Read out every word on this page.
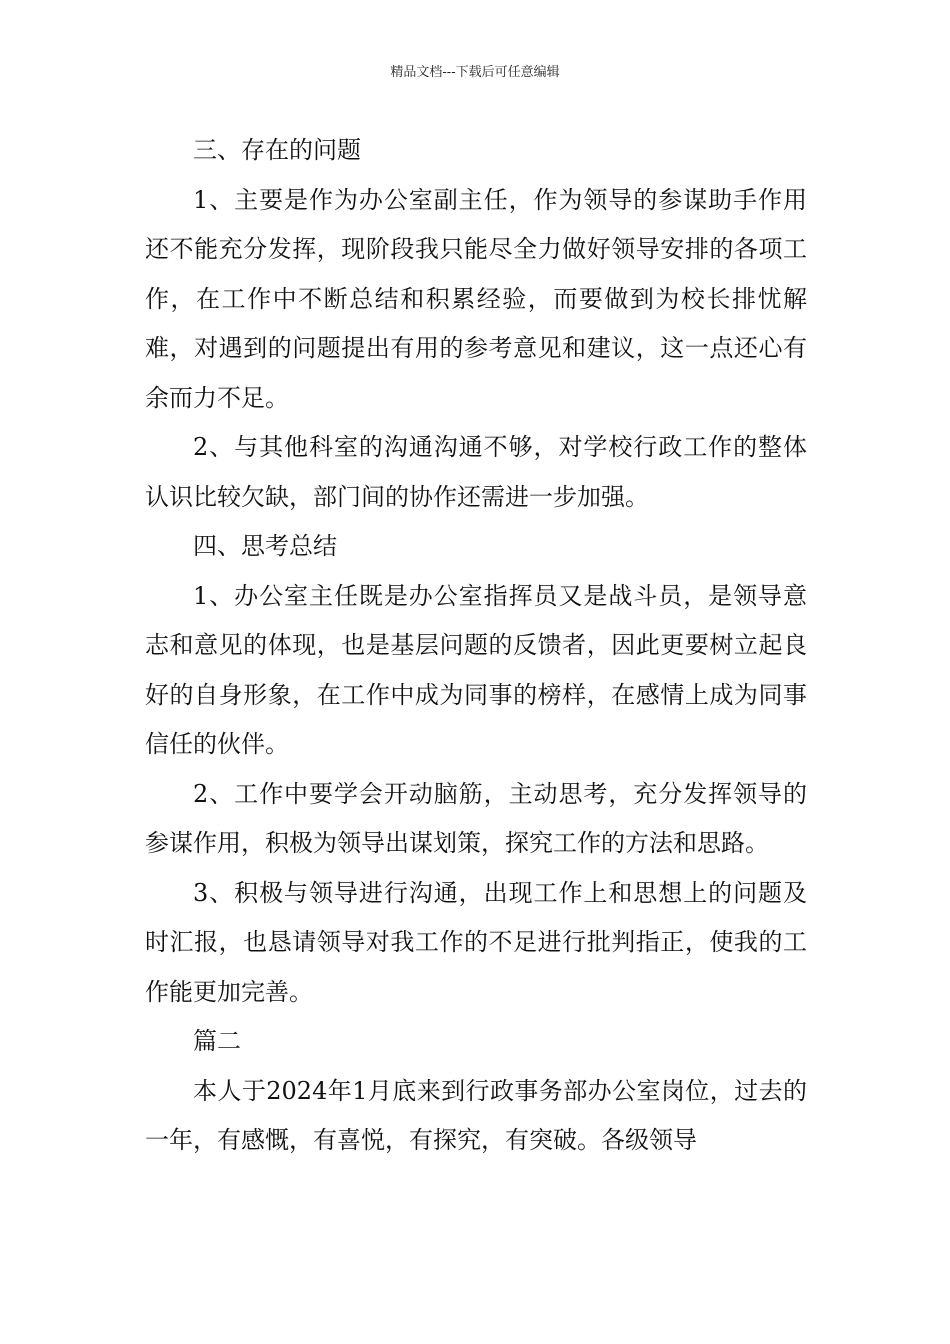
精品文档---下载后可任意编辑

三、存在的问题

1、主要是作为办公室副主任，作为领导的参谋助手作用还不能充分发挥，现阶段我只能尽全力做好领导安排的各项工作，在工作中不断总结和积累经验，而要做到为校长排忧解难，对遇到的问题提出有用的参考意见和建议，这一点还心有余而力不足。

2、与其他科室的沟通沟通不够，对学校行政工作的整体认识比较欠缺，部门间的协作还需进一步加强。

四、思考总结

1、办公室主任既是办公室指挥员又是战斗员，是领导意志和意见的体现，也是基层问题的反馈者，因此更要树立起良好的自身形象，在工作中成为同事的榜样，在感情上成为同事信任的伙伴。

2、工作中要学会开动脑筋，主动思考，充分发挥领导的参谋作用，积极为领导出谋划策，探究工作的方法和思路。

3、积极与领导进行沟通，出现工作上和思想上的问题及时汇报，也恳请领导对我工作的不足进行批判指正，使我的工作能更加完善。

篇二

本人于2024年1月底来到行政事务部办公室岗位，过去的一年，有感慨，有喜悦，有探究，有突破。各级领导
